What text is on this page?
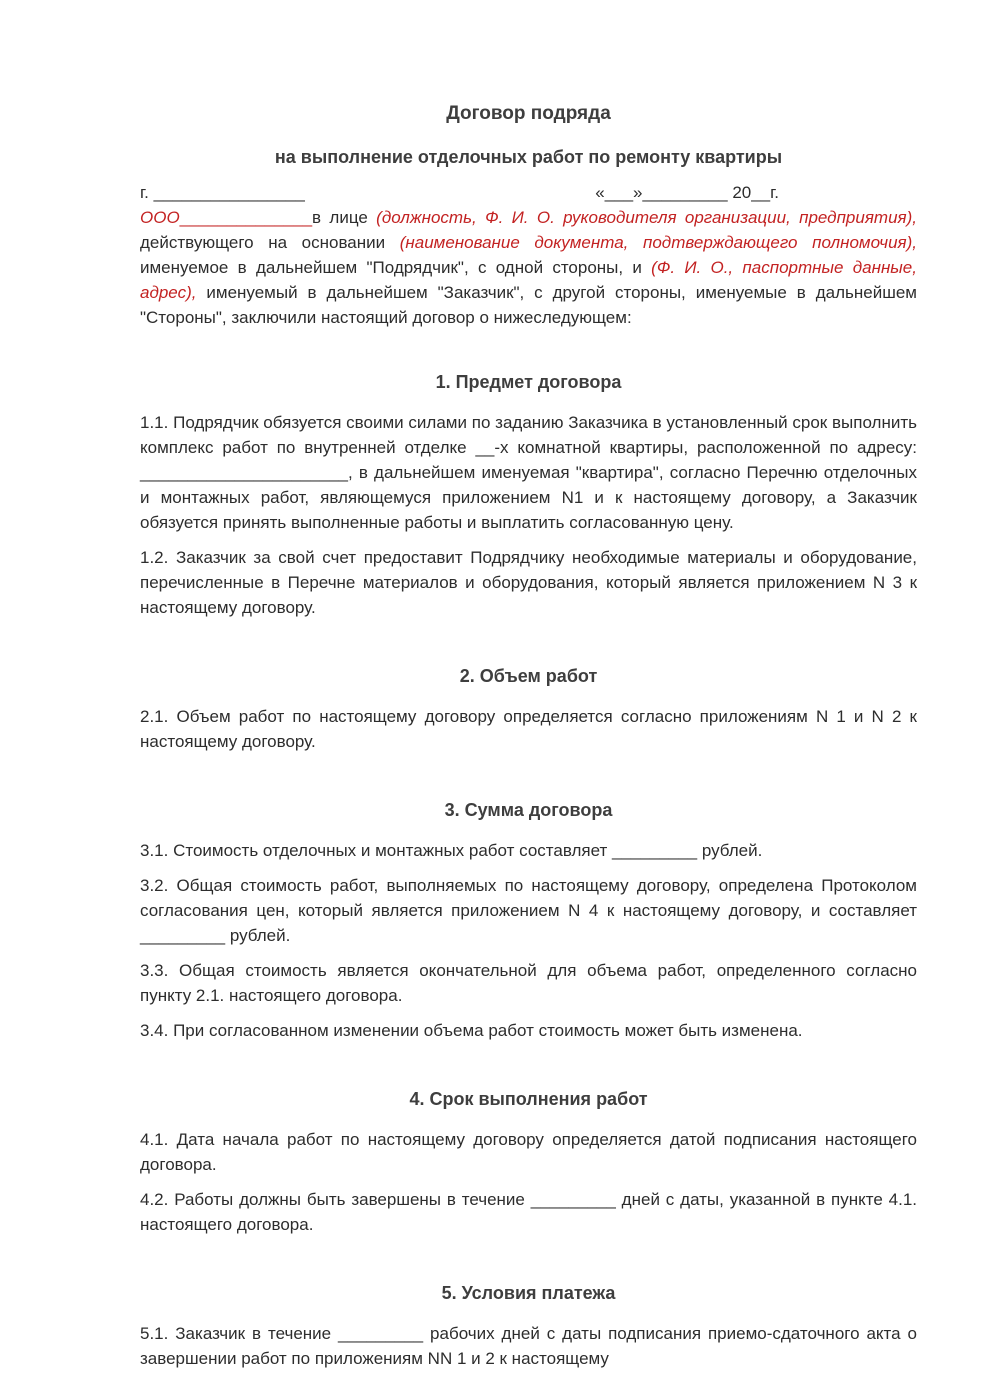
Договор подряда
на выполнение отделочных работ по ремонту квартиры
г. ________________	«___»_________ 20__г.

ООО______________в лице (должность, Ф. И. О. руководителя организации, предприятия), действующего на основании (наименование документа, подтверждающего полномочия), именуемое в дальнейшем "Подрядчик", с одной стороны, и (Ф. И. О., паспортные данные, адрес), именуемый в дальнейшем "Заказчик", с другой стороны, именуемые в дальнейшем "Стороны", заключили настоящий договор о нижеследующем:

1. Предмет договора

1.1. Подрядчик обязуется своими силами по заданию Заказчика в установленный срок выполнить комплекс работ по внутренней отделке __-х комнатной квартиры, расположенной по адресу: ______________________, в дальнейшем именуемая "квартира", согласно Перечню отделочных и монтажных работ, являющемуся приложением N1 и к настоящему договору, а Заказчик обязуется принять выполненные работы и выплатить согласованную цену.

1.2. Заказчик за свой счет предоставит Подрядчику необходимые материалы и оборудование, перечисленные в Перечне материалов и оборудования, который является приложением N 3 к настоящему договору.

2. Объем работ

2.1. Объем работ по настоящему договору определяется согласно приложениям N 1 и N 2 к настоящему договору.

3. Сумма договора

3.1. Стоимость отделочных и монтажных работ составляет _________ рублей.

3.2. Общая стоимость работ, выполняемых по настоящему договору, определена Протоколом согласования цен, который является приложением N 4 к настоящему договору, и составляет _________ рублей.

3.3. Общая стоимость является окончательной для объема работ, определенного согласно пункту 2.1. настоящего договора.

3.4. При согласованном изменении объема работ стоимость может быть изменена.

4. Срок выполнения работ

4.1. Дата начала работ по настоящему договору определяется датой подписания настоящего договора.

4.2. Работы должны быть завершены в течение _________ дней с даты, указанной в пункте 4.1. настоящего договора.

5. Условия платежа

5.1. Заказчик в течение _________ рабочих дней с даты подписания приемо-сдаточного акта о завершении работ по приложениям NN 1 и 2 к настоящему
